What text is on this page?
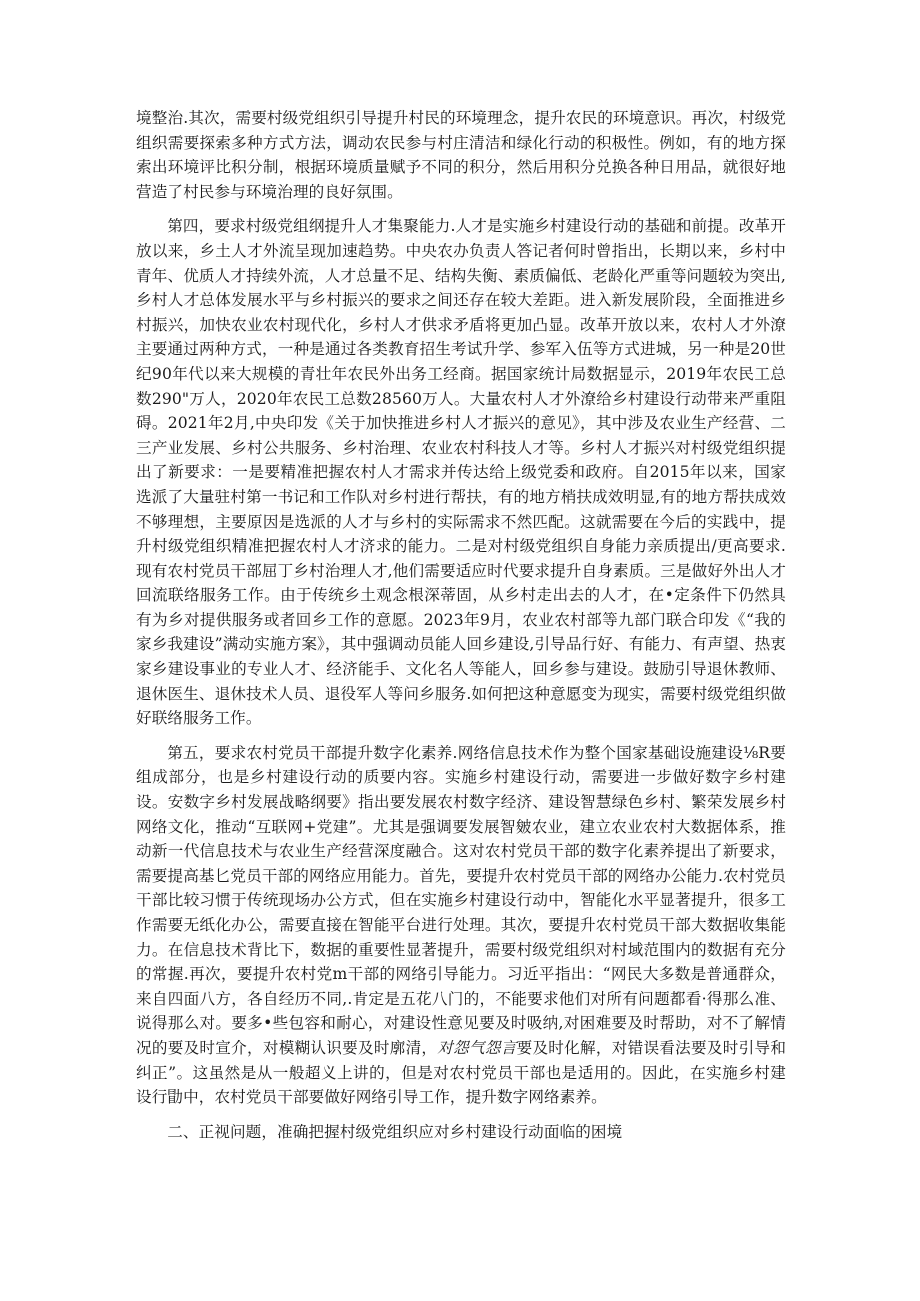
境整治.其次，需要村级党组织引导提升村民的环境理念，提升农民的环境意识。再次，村级党组织需要探索多种方式方法，调动农民参与村庄清洁和绿化行动的积极性。例如，有的地方探索出环境评比积分制，根据环境质量赋予不同的积分，然后用积分兑换各种日用品，就很好地营造了村民参与环境治理的良好氛围。

第四，要求村级党组纲提升人才集聚能力.人才是实施乡村建设行动的基础和前提。改革开放以来，乡土人才外流呈现加速趋势。中央农办负责人答记者何时曾指出，长期以来，乡村中青年、优质人才持续外流，人才总量不足、结构失衡、素质偏低、老龄化严重等问题较为突出,乡村人才总体发展水平与乡村振兴的要求之间还存在较大差距。进入新发展阶段，全面推进乡村振兴，加快农业农村现代化，乡村人才供求矛盾将更加凸显。改革开放以来，农村人才外潦主要通过两种方式，一种是通过各类教育招生考试升学、参军入伍等方式进城，另一种是20世纪90年代以来大规模的青壮年农民外出务工经商。据国家统计局数据显示，2019年农民工总数290"万人，2020年农民工总数28560万人。大量农村人才外潦给乡村建设行动带来严重阻碍。2021年2月,中央印发《关于加快推进乡村人才振兴的意见》，其中涉及农业生产经营、二三产业发展、乡村公共服务、乡村治理、农业农村科技人才等。乡村人才振兴对村级党组织提出了新要求：一是要精准把握农村人才需求并传达给上级党委和政府。自2015年以来，国家选派了大量驻村第一书记和工作队对乡村进行帮扶，有的地方梢扶成效明显,有的地方帮扶成效不够理想，主要原因是选派的人才与乡村的实际需求不然匹配。这就需要在今后的实践中，提升村级党组织精准把握农村人才济求的能力。二是对村级党组织自身能力亲质提出/更高要求.现有农村党员干部屈丁乡村治理人才,他们需要适应时代要求提升自身素质。三是做好外出人才回流联络服务工作。由于传统乡土观念根深蒂固，从乡村走出去的人才，在•定条件下仍然具有为乡对提供服务或者回乡工作的意愿。2023年9月，农业农村部等九部门联合印发《“我的家乡我建设”满动实施方案》，其中强调动员能人回乡建设,引导品行好、有能力、有声望、热衷家乡建设事业的专业人才、经济能手、文化名人等能人，回乡参与建设。鼓励引导退休教师、退休医生、退休技术人员、退役军人等问乡服务.如何把这种意愿变为现实，需要村级党组织做好联络服务工作。

第五，要求农村党员干部提升数字化素养.网络信息技术作为整个国家基础设施建设⅛R要组成部分，也是乡村建设行动的质要内容。实施乡村建设行动，需要进一步做好数字乡村建设。安数字乡村发展战略纲要》指出要发展农村数字经济、建设智慧绿色乡村、繁荣发展乡村网络文化，推动“互联网+党建”。尤其是强调要发展智皴农业，建立农业农村大数据体系，推动新一代信息技术与农业生产经营深度融合。这对农村党员干部的数字化素养提出了新要求，需要提高基匕党员干部的网络应用能力。首先，要提升农村党员干部的网络办公能力.农村党员干部比较习惯于传统现场办公方式，但在实施乡村建设行动中，智能化水平显著提升，很多工作需要无纸化办公，需要直接在智能平台进行处理。其次，要提升农村党员干部大数据收集能力。在信息技术背比下，数据的重要性显著提升，需要村级党组织对村域范围内的数据有充分的常握.再次，要提升农村党m干部的网络引导能力。习近平指出：“网民大多数是普通群众，来自四面八方，各自经历不同,.肯定是五花八门的，不能要求他们对所有问题都看·得那么准、说得那么对。要多•些包容和耐心，对建设性意见要及时吸纳,对困难要及时帮助，对不了解情况的要及时宣介，对模糊认识要及时廓清，对怨气怨言要及时化解，对错误看法要及时引导和纠正”。这虽然是从一般超义上讲的，但是对农村党员干部也是适用的。因此，在实施乡村建设行勖中，农村党员干部要做好网络引导工作，提升数字网络素养。

二、正视问题，准确把握村级党组织应对乡村建设行动面临的困境
